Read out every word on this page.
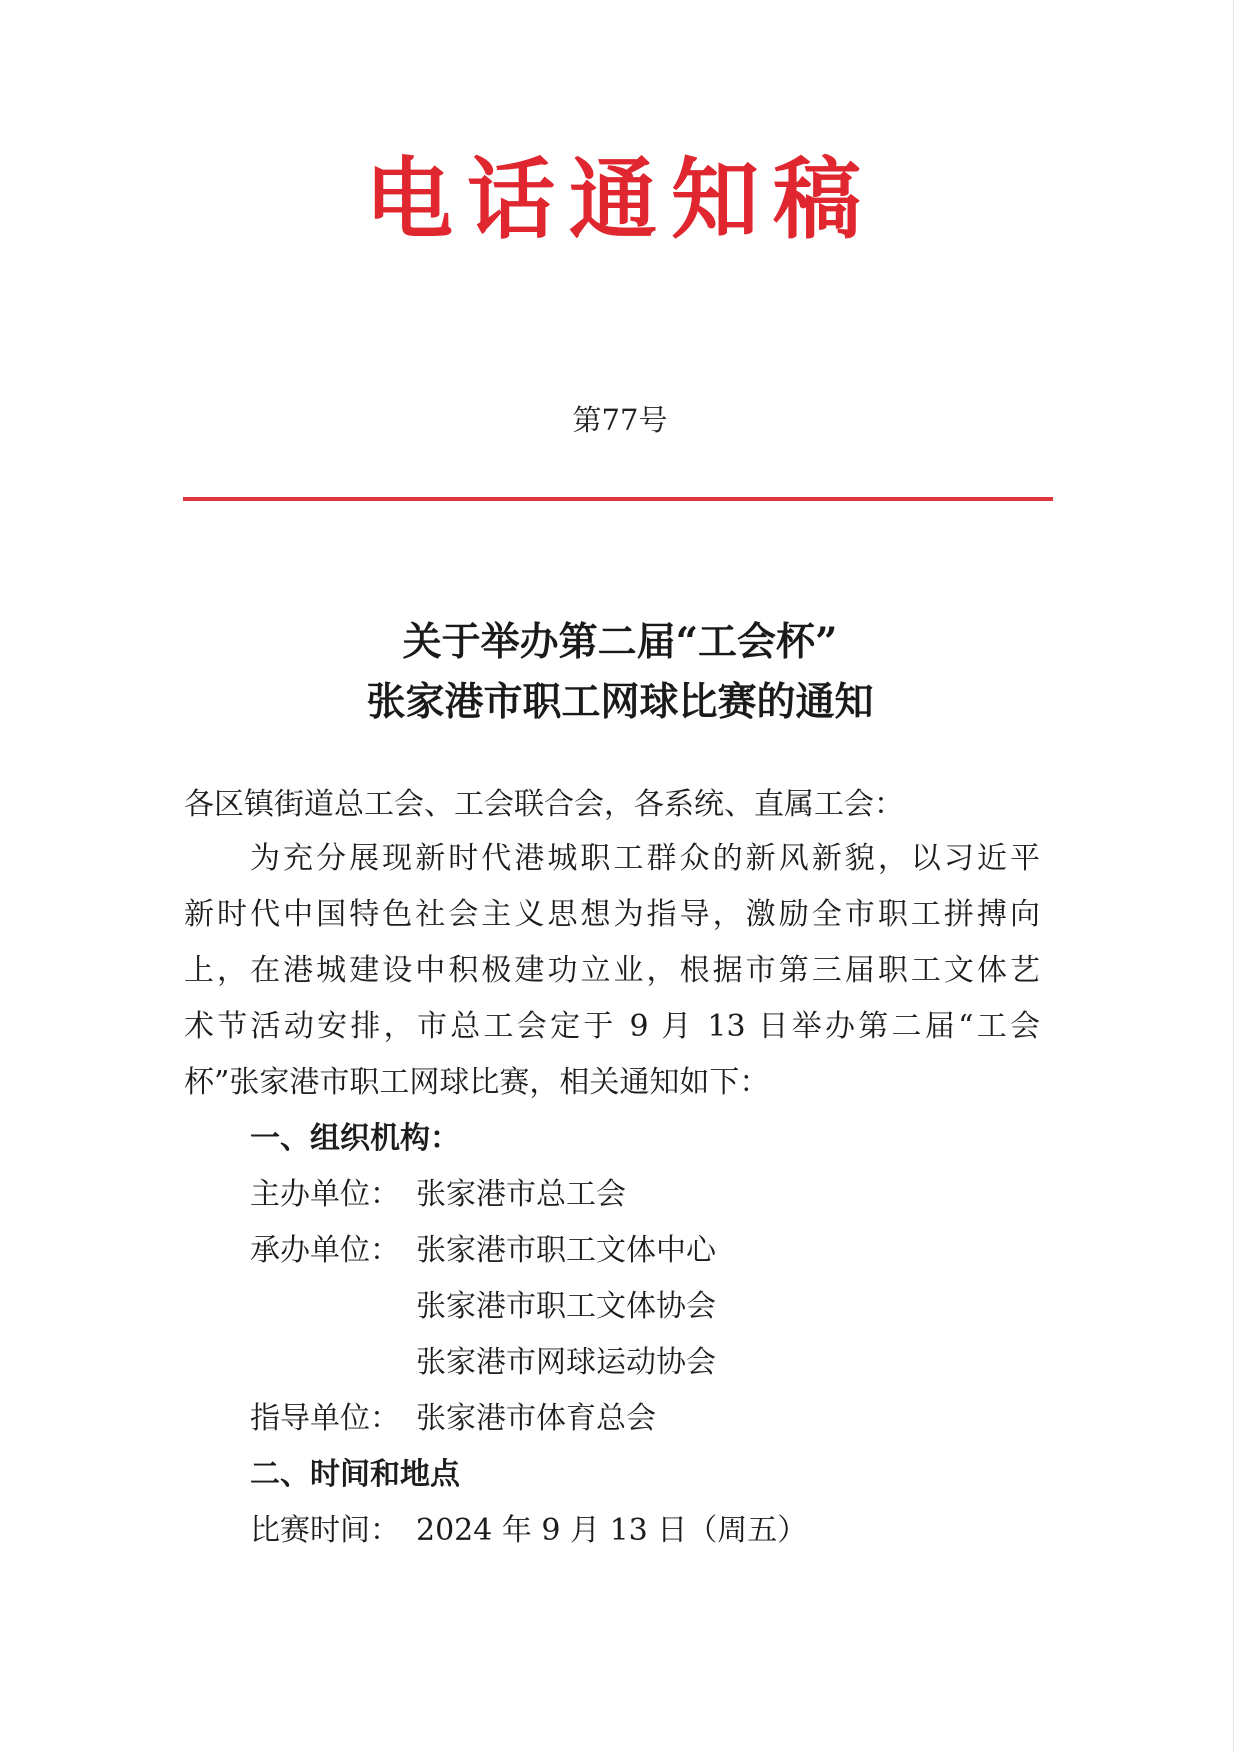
电话通知稿
第77号
关于举办第二届“工会杯”
张家港市职工网球比赛的通知
各区镇街道总工会、工会联合会，各系统、直属工会：
为充分展现新时代港城职工群众的新风新貌，以习近平
新时代中国特色社会主义思想为指导，激励全市职工拼搏向
上，在港城建设中积极建功立业，根据市第三届职工文体艺
术节活动安排，市总工会定于 9 月 13 日举办第二届“工会
杯”张家港市职工网球比赛，相关通知如下：
一、组织机构：
主办单位： 张家港市总工会
承办单位： 张家港市职工文体中心
张家港市职工文体协会
张家港市网球运动协会
指导单位： 张家港市体育总会
二、时间和地点
比赛时间： 2024 年 9 月 13 日（周五）
